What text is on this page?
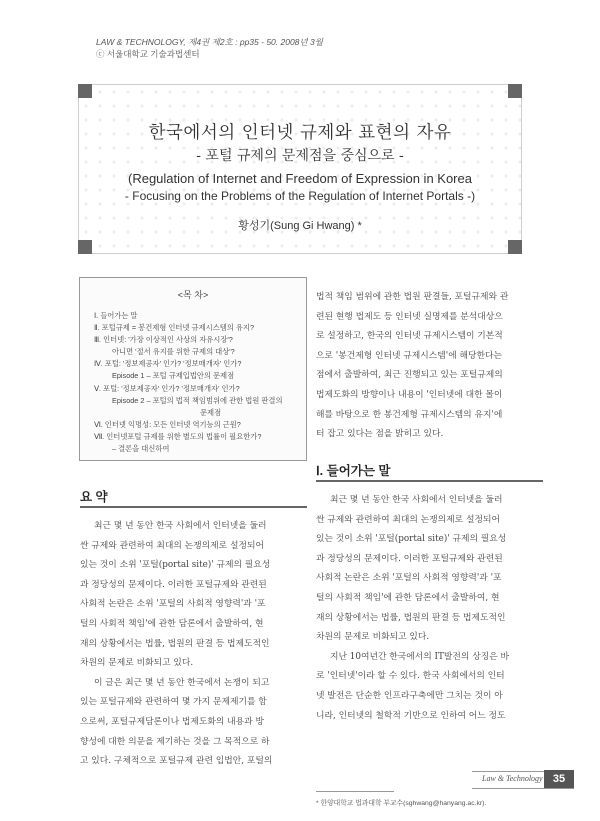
LAW & TECHNOLOGY, 제4권 제2호 : pp35 - 50. 2008년 3월
ⓒ 서울대학교 기술과법센터
한국에서의 인터넷 규제와 표현의 자유
- 포털 규제의 문제점을 중심으로 -
(Regulation of Internet and Freedom of Expression in Korea
- Focusing on the Problems of the Regulation of Internet Portals -)
황성기(Sung Gi Hwang) *
<목 차>
Ⅰ. 들어가는 말
Ⅱ. 포털규제 = 봉건제형 인터넷 규제시스템의 유지?
Ⅲ. 인터넷: '가장 이상적인 사상의 자유시장'?
아니면 '절서 유지를 위한 규제의 대상'?
Ⅳ. 포털: '정보제공자' 인가? '정보매개자' 인가?
Episode 1 – 포털 규제입법안의 문제점
Ⅴ. 포털: '정보제공자' 인가? '정보매개자' 인가?
Episode 2 – 포털의 법적 책임범위에 관한 법원 판결의
문제점
Ⅵ. 인터넷 익명성: 모든 인터넷 역기능의 근원?
Ⅶ. 인터넷포털 규제를 위한 별도의 법률이 필요한가?
– 결론을 대신하여
요 약

최근 몇 년 동안 한국 사회에서 인터넷을 둘러

싼 규제와 관련하여 최대의 논쟁의제로 설정되어

있는 것이 소위 '포털(portal site)' 규제의 필요성

과 정당성의 문제이다. 이러한 포털규제와 관련된

사회적 논란은 소위 '포털의 사회적 영향력'과 '포

털의 사회적 책임'에 관한 담론에서 출발하여, 현

재의 상황에서는 법률, 법원의 판결 등 법제도적인

차원의 문제로 비화되고 있다.

이 글은 최근 몇 년 동안 한국에서 논쟁이 되고

있는 포털규제와 관련하여 몇 가지 문제제기를 함

으로써, 포털규제담론이나 법제도화의 내용과 방

향성에 대한 의문을 제기하는 것을 그 목적으로 하

고 있다. 구체적으로 포털규제 관련 입법안, 포털의

법적 책임 범위에 관한 법원 판결들, 포털규제와 관

련된 현행 법제도 등 인터넷 실명제를 분석대상으

로 설정하고, 한국의 인터넷 규제시스템이 기본적

으로 '봉건제형 인터넷 규제시스템'에 해당한다는

점에서 출발하여, 최근 진행되고 있는 포털규제의

법제도화의 방향이나 내용이 '인터넷에 대한 몰이

해를 바탕으로 한 봉건제형 규제시스템의 유지'에

터 잡고 있다는 점을 밝히고 있다.

Ⅰ. 들어가는 말

최근 몇 년 동안 한국 사회에서 인터넷을 둘러

싼 규제와 관련하여 최대의 논쟁의제로 설정되어

있는 것이 소위 '포털(portal site)' 규제의 필요성

과 정당성의 문제이다. 이러한 포털규제와 관련된

사회적 논란은 소위 '포털의 사회적 영향력'과 '포

털의 사회적 책임'에 관한 담론에서 출발하여, 현

재의 상황에서는 법률, 법원의 판결 등 법제도적인

차원의 문제로 비화되고 있다.

지난 10여년간 한국에서의 IT발전의 상징은 바

로 '인터넷'이라 할 수 있다. 한국 사회에서의 인터

넷 발전은 단순한 인프라구축에만 그치는 것이 아

니라, 인터넷의 철학적 기반으로 인하여 어느 정도

* 한양대학교 법과대학 부교수(sghwang@hanyang.ac.kr).
Law & Technology 35
